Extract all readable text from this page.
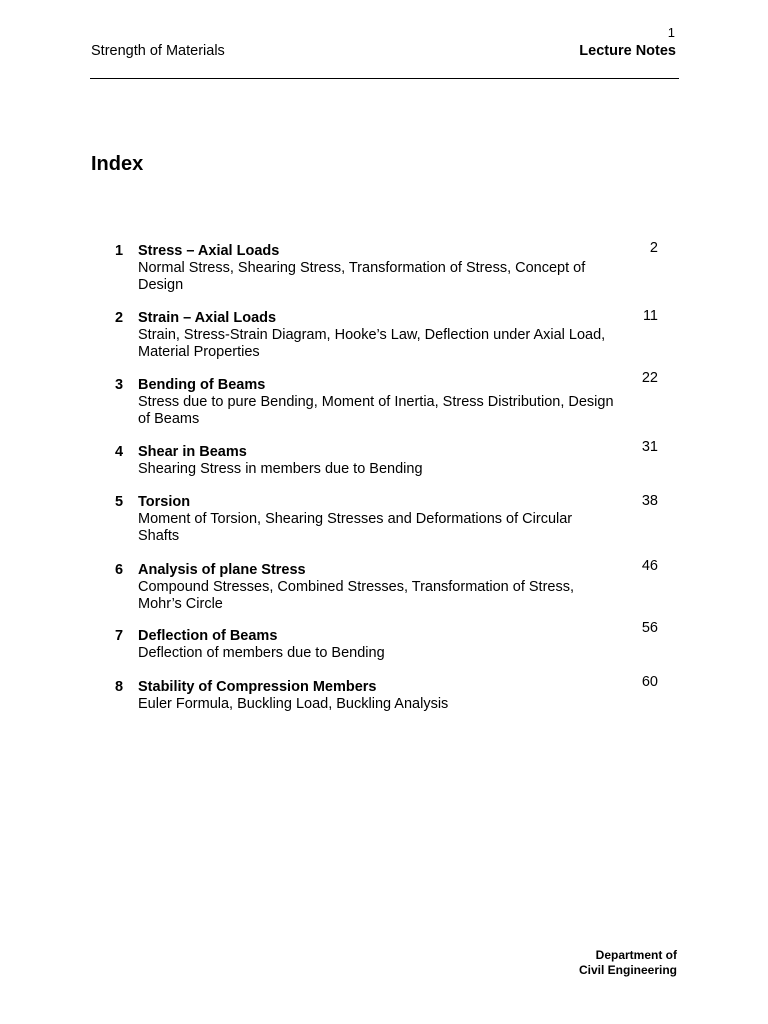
1
Strength of Materials	Lecture Notes
Index
1 Stress – Axial Loads
Normal Stress, Shearing Stress, Transformation of Stress, Concept of Design
2
2 Strain – Axial Loads
Strain, Stress-Strain Diagram, Hooke’s Law, Deflection under Axial Load, Material Properties
11
3 Bending of Beams
Stress due to pure Bending, Moment of Inertia, Stress Distribution, Design of Beams
22
4 Shear in Beams
Shearing Stress in members due to Bending
31
5 Torsion
Moment of Torsion, Shearing Stresses and Deformations of Circular Shafts
38
6 Analysis of plane Stress
Compound Stresses, Combined Stresses, Transformation of Stress, Mohr’s Circle
46
7 Deflection of Beams
Deflection of members due to Bending
56
8 Stability of Compression Members
Euler Formula, Buckling Load, Buckling Analysis
60
Department of
Civil Engineering
